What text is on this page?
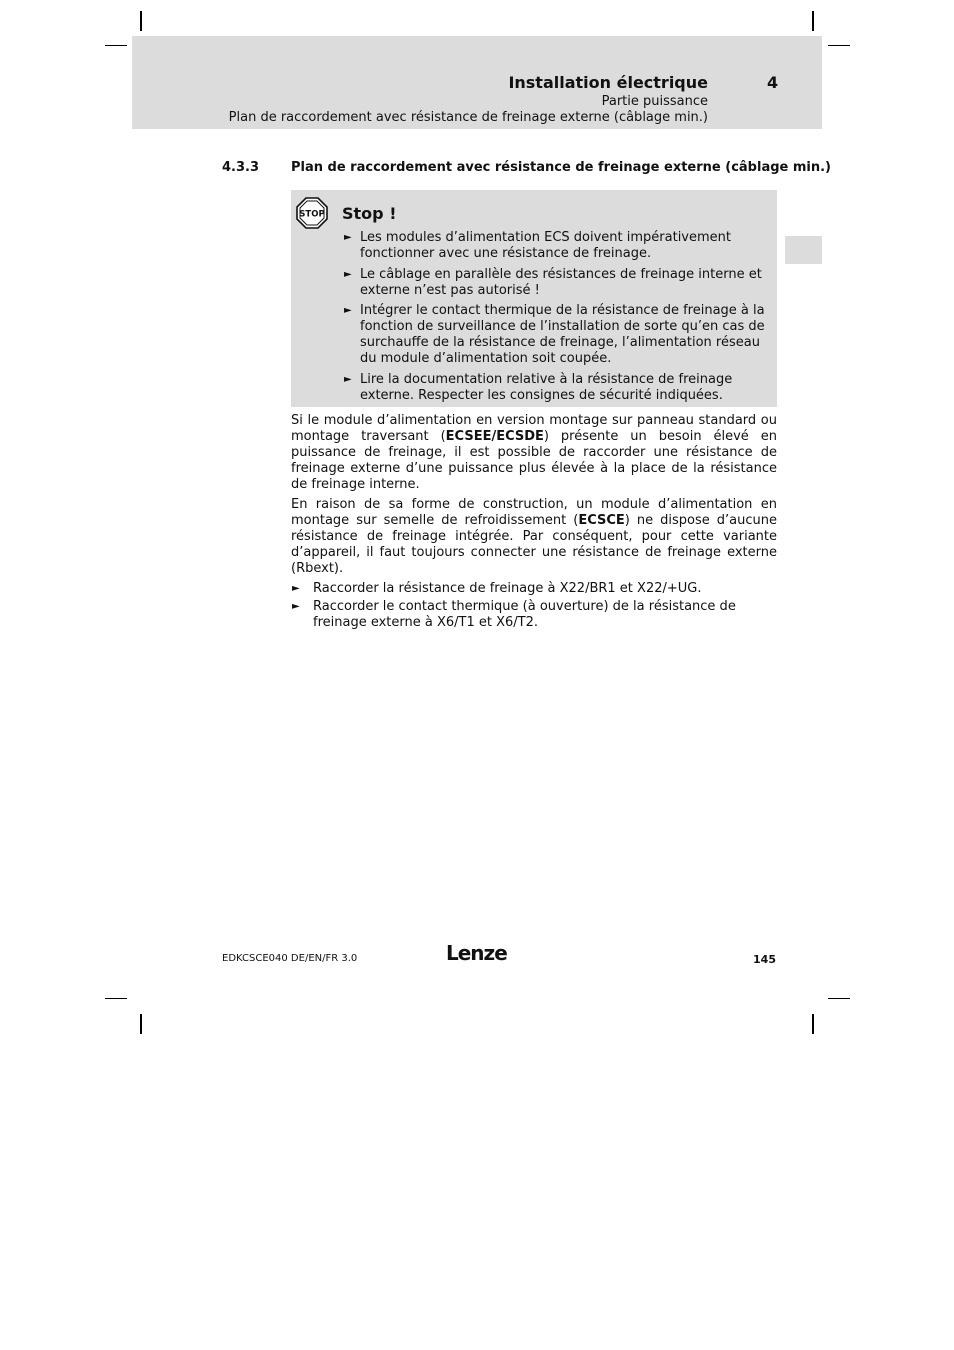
Installation électrique	4
Partie puissance
Plan de raccordement avec résistance de freinage externe (câblage min.)
4.3.3 Plan de raccordement avec résistance de freinage externe (câblage min.)
STOP Stop !
► Les modules d’alimentation ECS doivent impérativement fonctionner avec une résistance de freinage.
► Le câblage en parallèle des résistances de freinage interne et externe n’est pas autorisé !
► Intégrer le contact thermique de la résistance de freinage à la fonction de surveillance de l’installation de sorte qu’en cas de surchauffe de la résistance de freinage, l’alimentation réseau du module d’alimentation soit coupée.
► Lire la documentation relative à la résistance de freinage externe. Respecter les consignes de sécurité indiquées.

Si le module d’alimentation en version montage sur panneau standard ou montage traversant (ECSEE/ECSDE) présente un besoin élevé en puissance de freinage, il est possible de raccorder une résistance de freinage externe d’une puissance plus élevée à la place de la résistance de freinage interne.

En raison de sa forme de construction, un module d’alimentation en montage sur semelle de refroidissement (ECSCE) ne dispose d’aucune résistance de freinage intégrée. Par conséquent, pour cette variante d’appareil, il faut toujours connecter une résistance de freinage externe (Rbext).

► Raccorder la résistance de freinage à X22/BR1 et X22/+UG.
► Raccorder le contact thermique (à ouverture) de la résistance de freinage externe à X6/T1 et X6/T2.
EDKCSCE040 DE/EN/FR 3.0	Lenze	145
